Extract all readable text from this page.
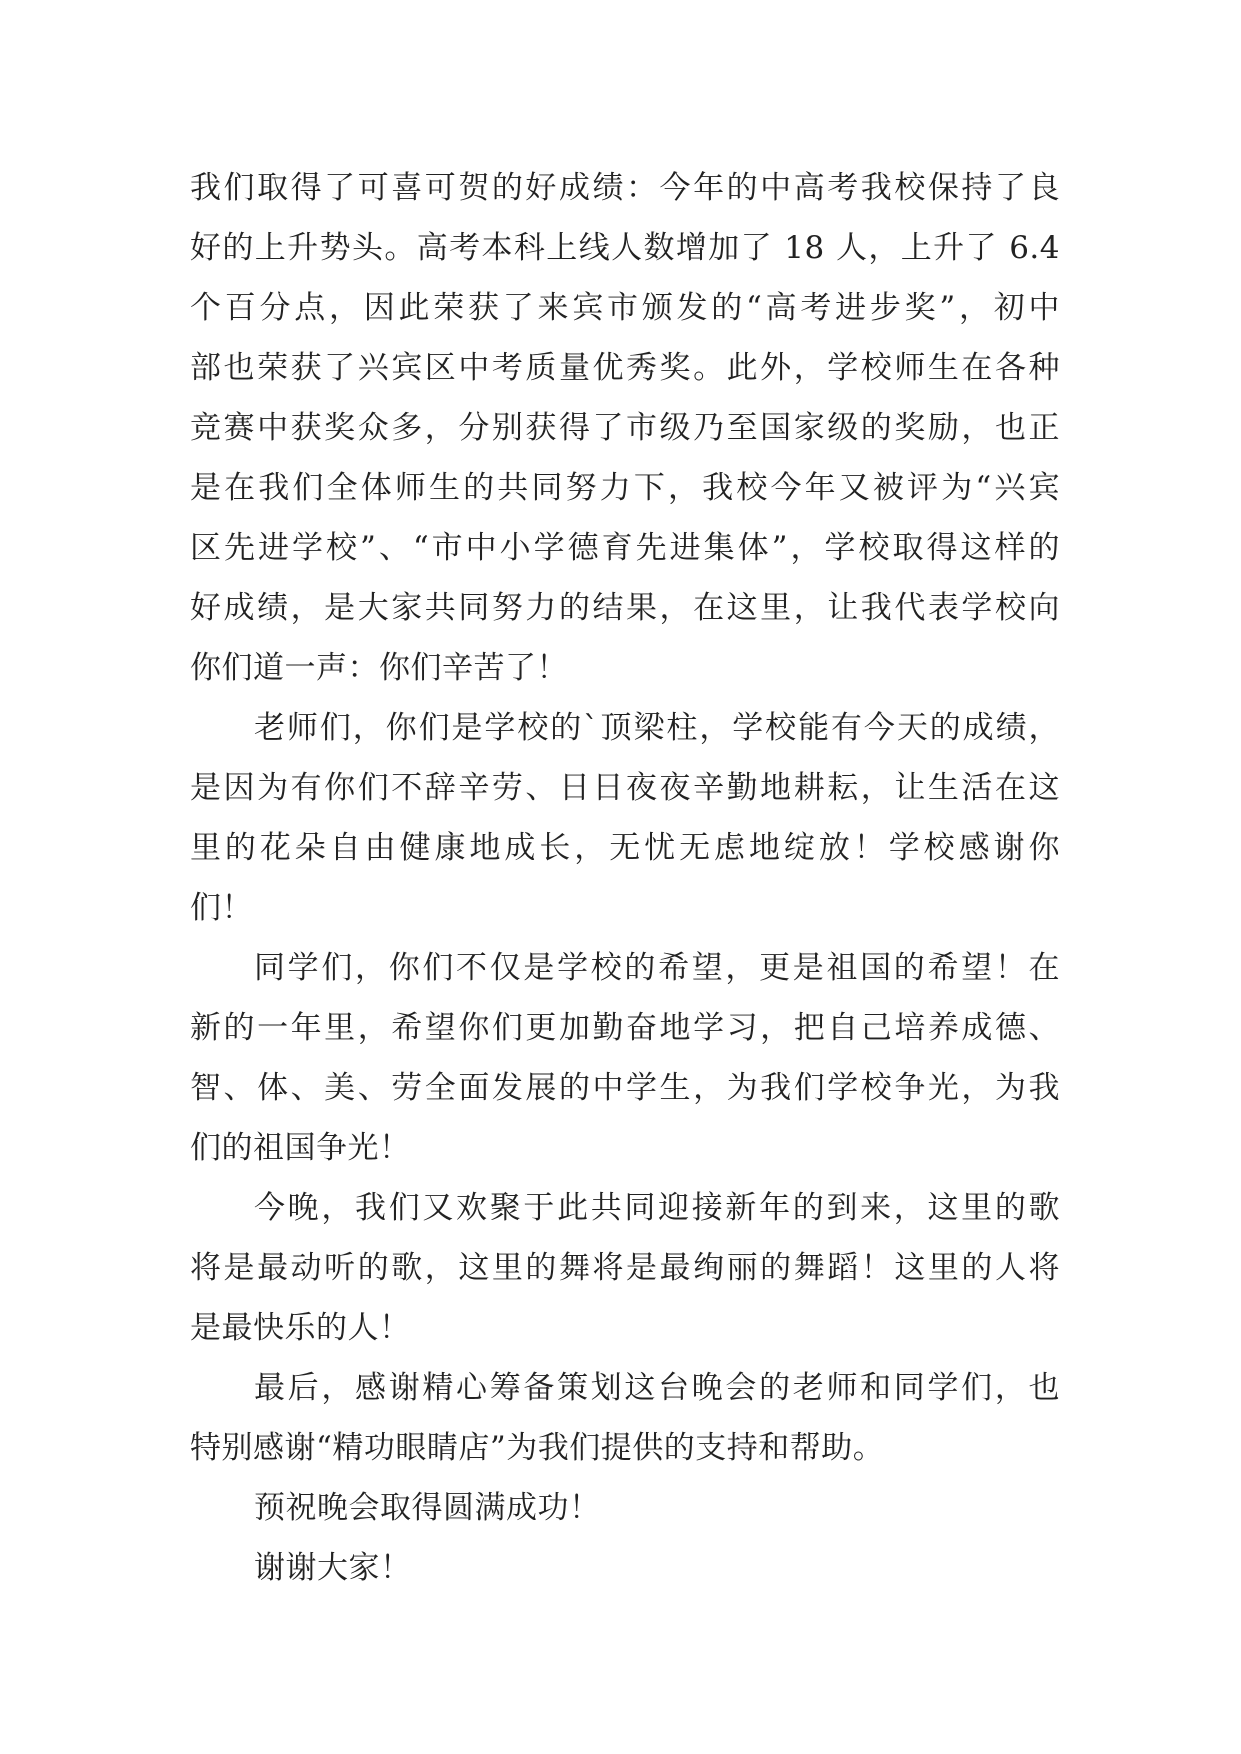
我们取得了可喜可贺的好成绩：今年的中高考我校保持了良
好的上升势头。高考本科上线人数增加了 18 人，上升了 6.4
个百分点，因此荣获了来宾市颁发的“高考进步奖”，初中
部也荣获了兴宾区中考质量优秀奖。此外，学校师生在各种
竞赛中获奖众多，分别获得了市级乃至国家级的奖励，也正
是在我们全体师生的共同努力下，我校今年又被评为“兴宾
区先进学校”、“市中小学德育先进集体”，学校取得这样的
好成绩，是大家共同努力的结果，在这里，让我代表学校向
你们道一声：你们辛苦了！
老师们，你们是学校的`顶梁柱，学校能有今天的成绩，
是因为有你们不辞辛劳、日日夜夜辛勤地耕耘，让生活在这
里的花朵自由健康地成长，无忧无虑地绽放！学校感谢你
们！
同学们，你们不仅是学校的希望，更是祖国的希望！在
新的一年里，希望你们更加勤奋地学习，把自己培养成德、
智、体、美、劳全面发展的中学生，为我们学校争光，为我
们的祖国争光！
今晚，我们又欢聚于此共同迎接新年的到来，这里的歌
将是最动听的歌，这里的舞将是最绚丽的舞蹈！这里的人将
是最快乐的人！
最后，感谢精心筹备策划这台晚会的老师和同学们，也
特别感谢“精功眼睛店”为我们提供的支持和帮助。
预祝晚会取得圆满成功！
谢谢大家！
